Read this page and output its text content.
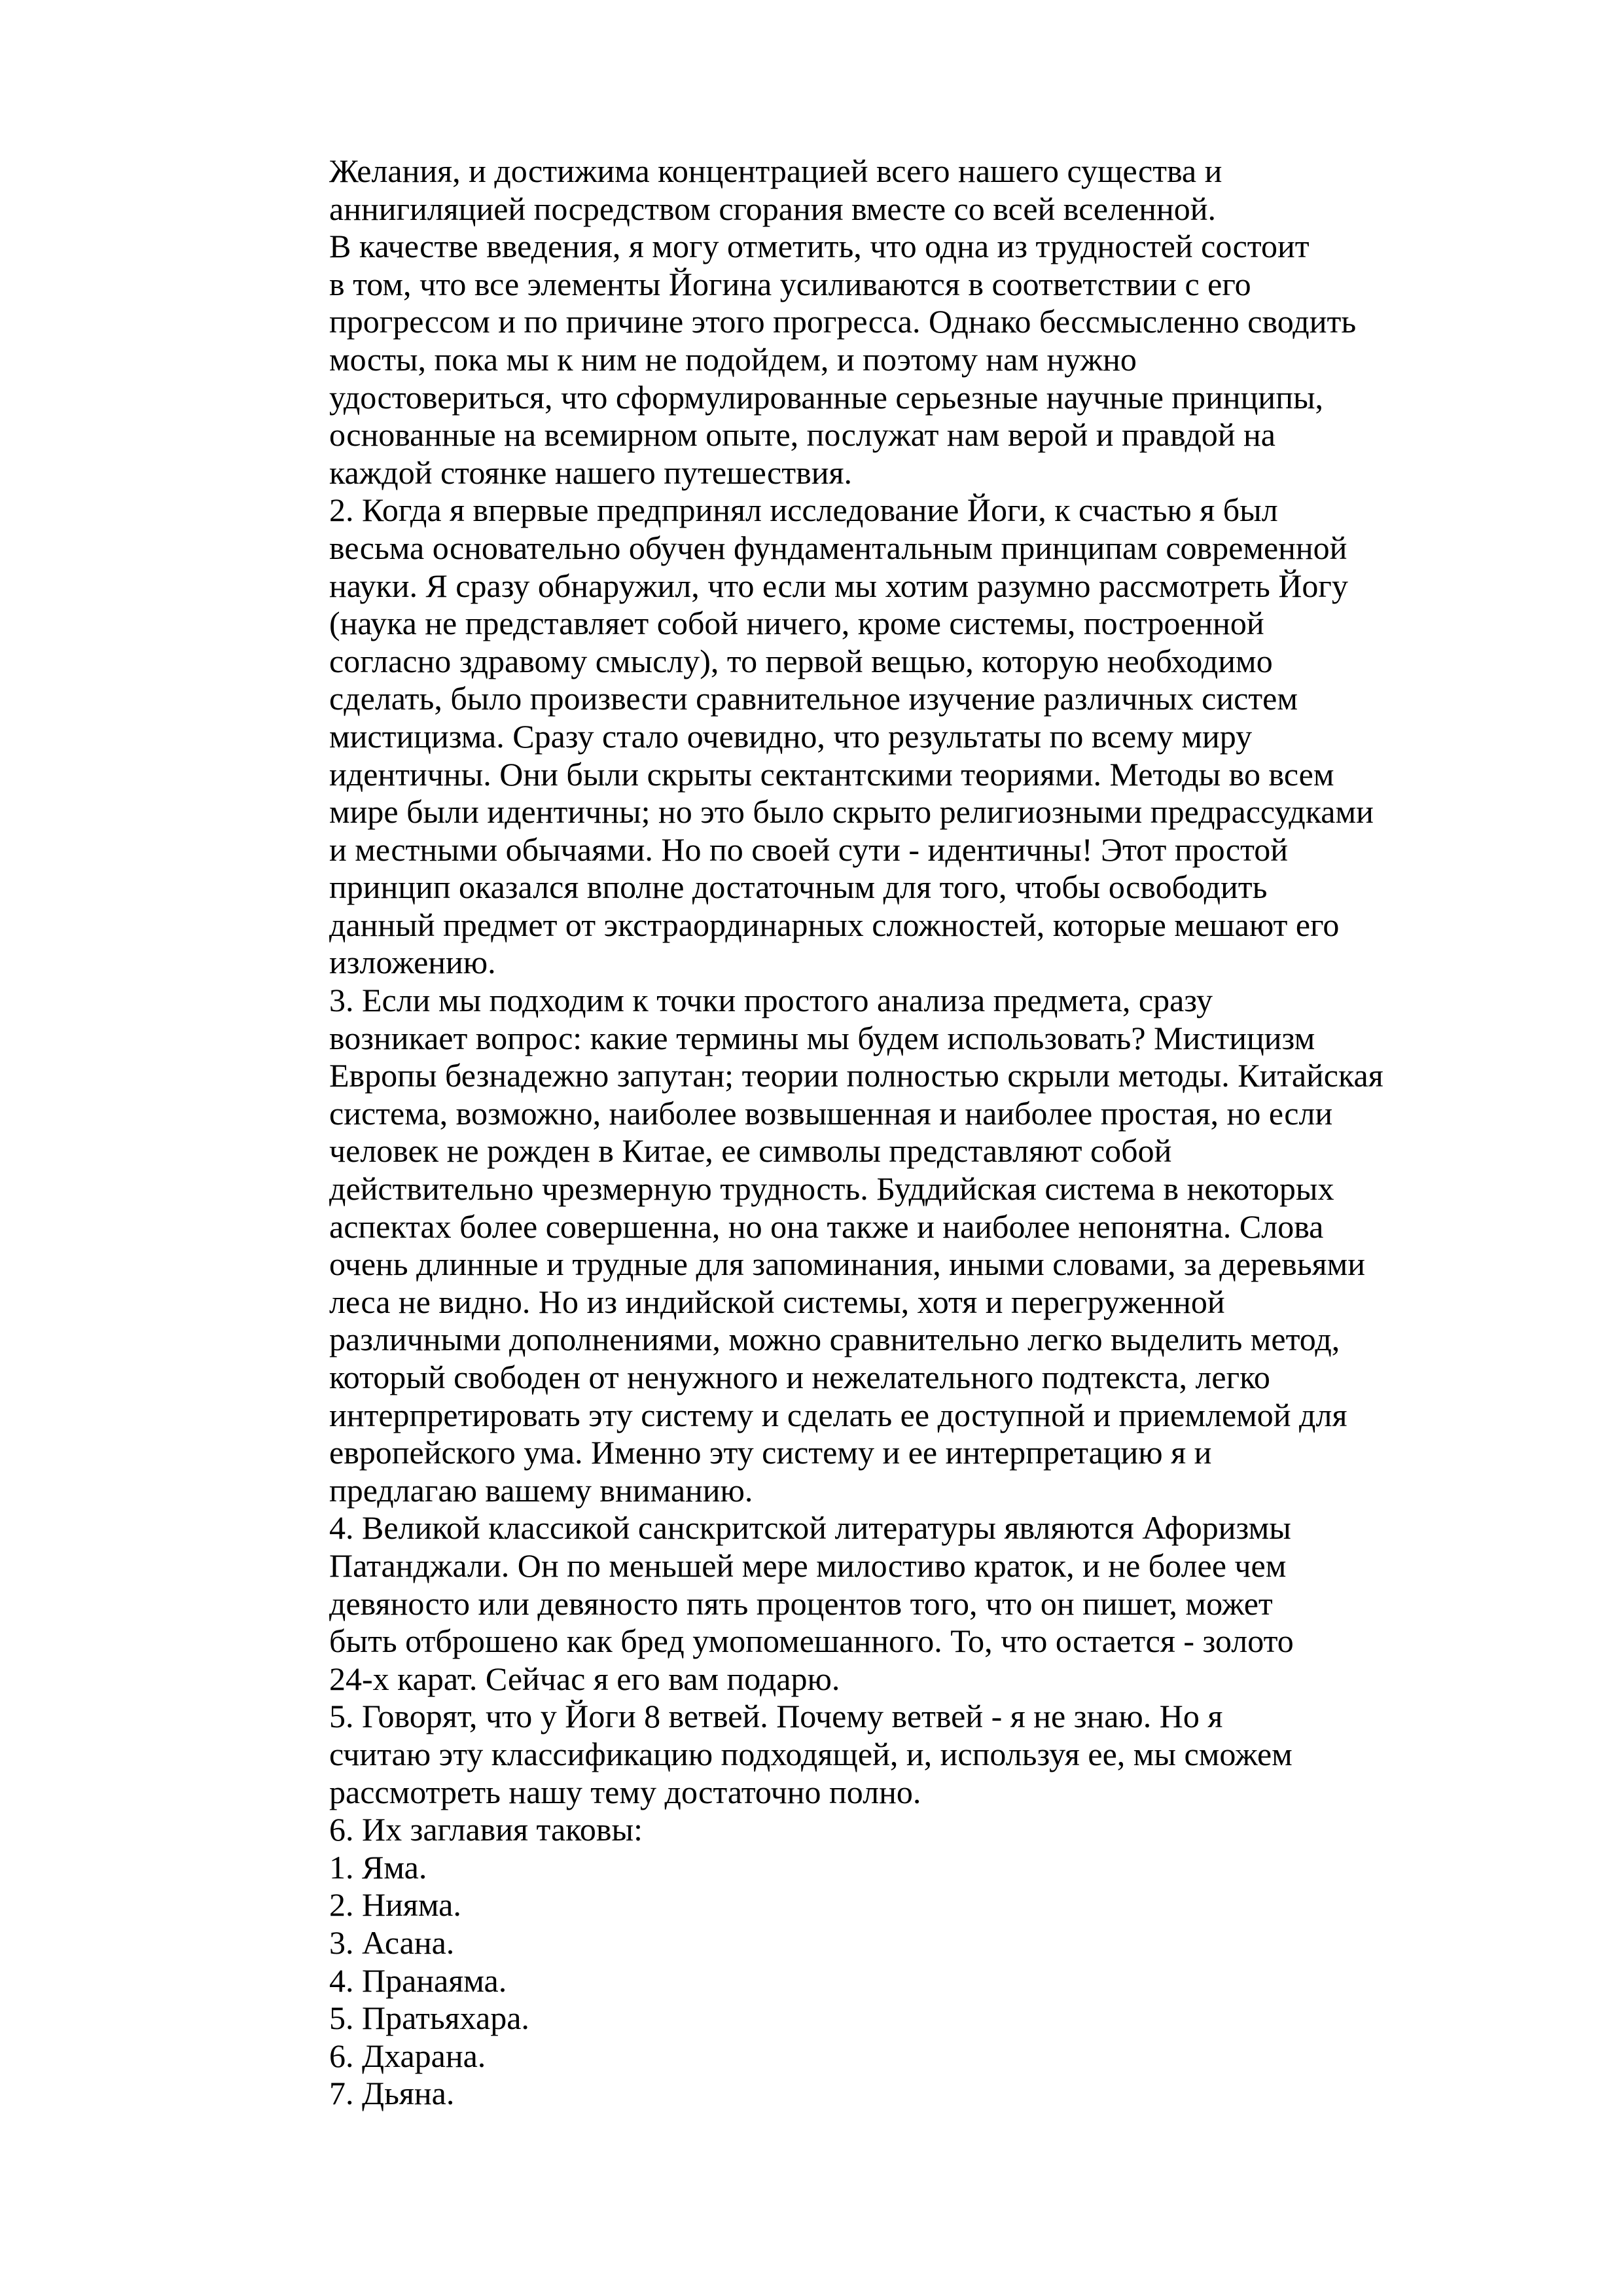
Желания, и достижима концентрацией всего нашего существа и
аннигиляцией посредством сгорания вместе со всей вселенной.
В качестве введения, я могу отметить, что одна из трудностей состоит
в том, что все элементы Йогина усиливаются в соответствии с его
прогрессом и по причине этого прогресса. Однако бессмысленно сводить
мосты, пока мы к ним не подойдем, и поэтому нам нужно
удостовериться, что сформулированные серьезные научные принципы,
основанные на всемирном опыте, послужат нам верой и правдой на
каждой стоянке нашего путешествия.
2. Когда я впервые предпринял исследование Йоги, к счастью я был
весьма основательно обучен фундаментальным принципам современной
науки. Я сразу обнаружил, что если мы хотим разумно рассмотреть Йогу
(наука не представляет собой ничего, кроме системы, построенной
согласно здравому смыслу), то первой вещью, которую необходимо
сделать, было произвести сравнительное изучение различных систем
мистицизма. Сразу стало очевидно, что результаты по всему миру
идентичны. Они были скрыты сектантскими теориями. Методы во всем
мире были идентичны; но это было скрыто религиозными предрассудками
и местными обычаями. Но по своей сути - идентичны! Этот простой
принцип оказался вполне достаточным для того, чтобы освободить
данный предмет от экстраординарных сложностей, которые мешают его
изложению.
3. Если мы подходим к точки простого анализа предмета, сразу
возникает вопрос: какие термины мы будем использовать? Мистицизм
Европы безнадежно запутан; теории полностью скрыли методы. Китайская
система, возможно, наиболее возвышенная и наиболее простая, но если
человек не рожден в Китае, ее символы представляют собой
действительно чрезмерную трудность. Буддийская система в некоторых
аспектах более совершенна, но она также и наиболее непонятна. Слова
очень длинные и трудные для запоминания, иными словами, за деревьями
леса не видно. Но из индийской системы, хотя и перегруженной
различными дополнениями, можно сравнительно легко выделить метод,
который свободен от ненужного и нежелательного подтекста, легко
интерпретировать эту систему и сделать ее доступной и приемлемой для
европейского ума. Именно эту систему и ее интерпретацию я и
предлагаю вашему вниманию.
4. Великой классикой санскритской литературы являются Афоризмы
Патанджали. Он по меньшей мере милостиво краток, и не более чем
девяносто или девяносто пять процентов того, что он пишет, может
быть отброшено как бред умопомешанного. То, что остается - золото
24-х карат. Сейчас я его вам подарю.
5. Говорят, что у Йоги 8 ветвей. Почему ветвей - я не знаю. Но я
считаю эту классификацию подходящей, и, используя ее, мы сможем
рассмотреть нашу тему достаточно полно.
6. Их заглавия таковы:
1. Яма.
2. Нияма.
3. Асана.
4. Пранаяма.
5. Пратьяхара.
6. Дхарана.
7. Дьяна.
